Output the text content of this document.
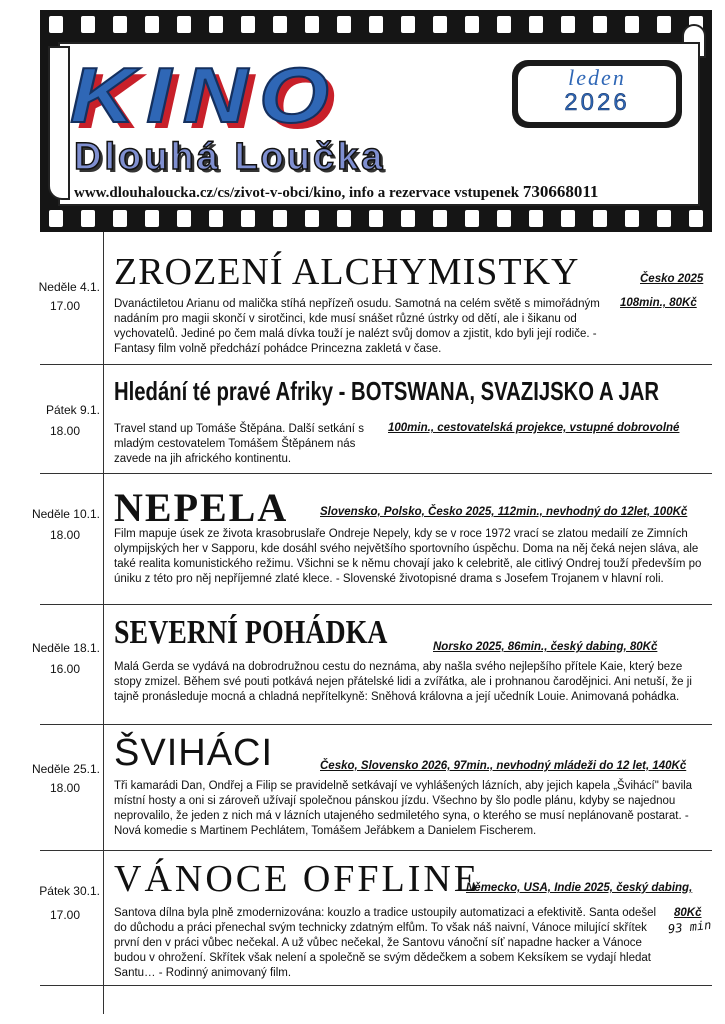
KINO	leden
2026
Dlouhá Loučka
www.dlouhaloucka.cz/cs/zivot-v-obci/kino, info a rezervace vstupenek 730668011
Neděle 4.1.
17.00
ZROZENÍ ALCHYMISTKY	Česko 2025
108min., 80Kč
Dvanáctiletou Arianu od malička stíhá nepřízeň osudu. Samotná na celém světě s mimořádným nadáním pro magii skončí v sirotčinci, kde musí snášet různé ústrky od dětí, ale i šikanu od vychovatelů. Jediné po čem malá dívka touží je nalézt svůj domov a zjistit, kdo byli její rodiče. - Fantasy film volně předchází pohádce Princezna zakletá v čase.
Pátek 9.1.
18.00
Hledání té pravé Afriky - BOTSWANA, SVAZIJSKO A JAR
100min., cestovatelská projekce, vstupné dobrovolné
Travel stand up Tomáše Štěpána. Další setkání s mladým cestovatelem Tomášem Štěpánem nás zavede na jih afrického kontinentu.
Neděle 10.1.
18.00
NEPELA	Slovensko, Polsko, Česko 2025, 112min., nevhodný do 12let, 100Kč
Film mapuje úsek ze života krasobruslaře Ondreje Nepely, kdy se v roce 1972 vrací se zlatou medailí ze Zimních olympijských her v Sapporu, kde dosáhl svého největšího sportovního úspěchu. Doma na něj čeká nejen sláva, ale také realita komunistického režimu. Všichni se k němu chovají jako k celebritě, ale citlivý Ondrej touží především po úniku z této pro něj nepříjemné zlaté klece. - Slovenské životopisné drama s Josefem Trojanem v hlavní roli.
Neděle 18.1.
16.00
SEVERNÍ POHÁDKA	Norsko 2025, 86min., český dabing, 80Kč
Malá Gerda se vydává na dobrodružnou cestu do neznáma, aby našla svého nejlepšího přítele Kaie, který beze stopy zmizel. Během své pouti potkává nejen přátelské lidi a zvířátka, ale i prohnanou čarodějnici. Ani netuší, že ji tajně pronásleduje mocná a chladná nepřítelkyně: Sněhová královna a její učedník Louie. Animovaná pohádka.
Neděle 25.1.
18.00
ŠVIHÁCI	Česko, Slovensko 2026, 97min., nevhodný mládeži do 12 let, 140Kč
Tři kamarádi Dan, Ondřej a Filip se pravidelně setkávají ve vyhlášených lázních, aby jejich kapela „Švihácí" bavila místní hosty a oni si zároveň užívají společnou pánskou jízdu. Všechno by šlo podle plánu, kdyby se najednou neprovalilo, že jeden z nich má v lázních utajeného sedmiletého syna, o kterého se musí neplánovaně postarat. - Nová komedie s Martinem Pechlátem, Tomášem Jeřábkem a Danielem Fischerem.
Pátek 30.1.
17.00
VÁNOCE OFFLINE
Německo, USA, Indie 2025, český dabing,
80Kč
93 min
Santova dílna byla plně zmodernizována: kouzlo a tradice ustoupily automatizaci a efektivitě. Santa odešel do důchodu a práci přenechal svým technicky zdatným elfům. To však náš naivní, Vánoce milující skřítek první den v práci vůbec nečekal. A už vůbec nečekal, že Santovu vánoční síť napadne hacker a Vánoce budou v ohrožení. Skřítek však nelení a společně se svým dědečkem a sobem Keksíkem se vydají hledat Santu… - Rodinný animovaný film.
